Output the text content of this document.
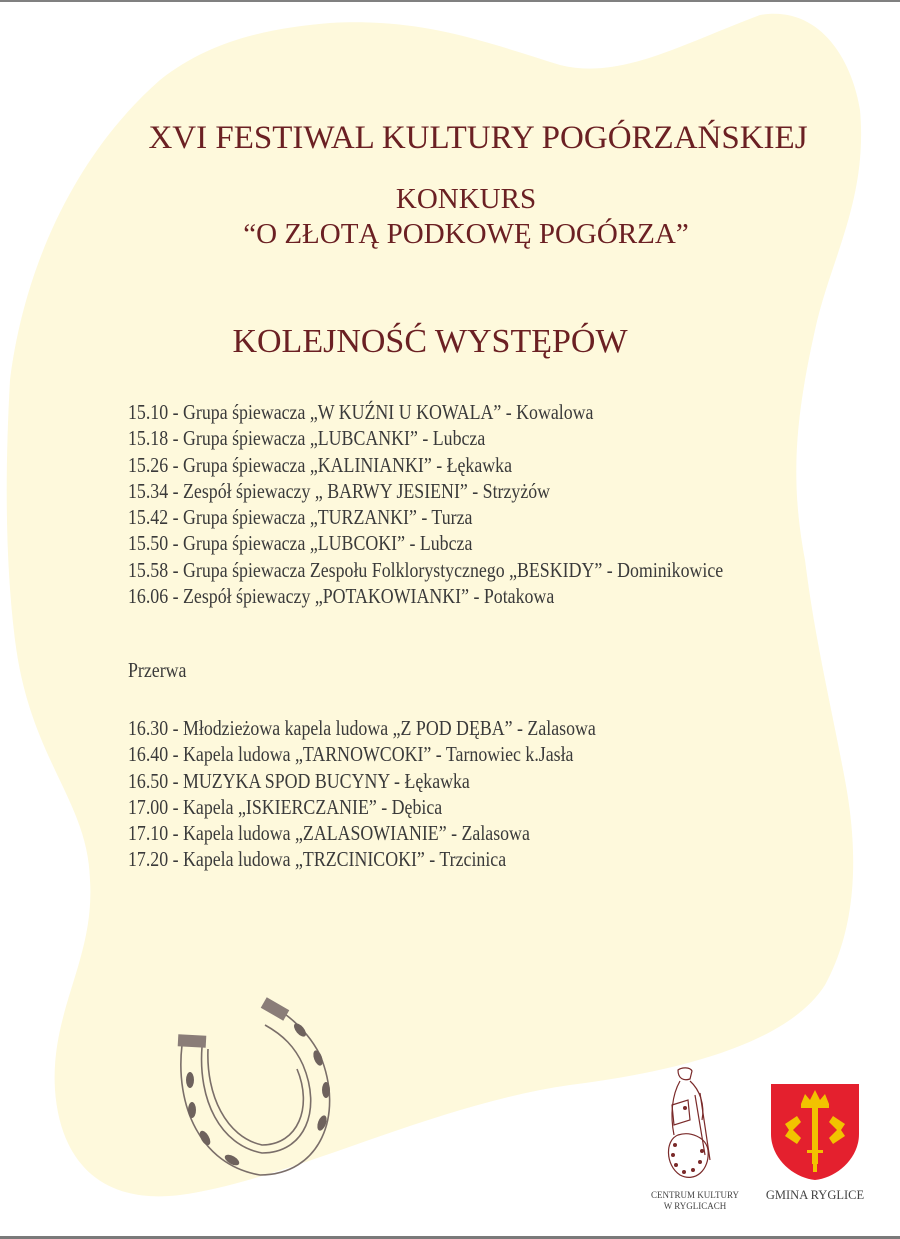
XVI FESTIWAL KULTURY POGÓRZAŃSKIEJ
KONKURS
“O ZŁOTĄ PODKOWĘ POGÓRZA”
KOLEJNOŚĆ WYSTĘPÓW
15.10 - Grupa śpiewacza „W KUŹNI U KOWALA” - Kowalowa
15.18 - Grupa śpiewacza „LUBCANKI” - Lubcza
15.26 - Grupa śpiewacza „KALINIANKI” - Łękawka
15.34 - Zespół śpiewaczy „ BARWY JESIENI” - Strzyżów
15.42 - Grupa śpiewacza „TURZANKI” - Turza
15.50 - Grupa śpiewacza „LUBCOKI” - Lubcza
15.58 - Grupa śpiewacza Zespołu Folklorystycznego „BESKIDY” - Dominikowice
16.06 - Zespół śpiewaczy „POTAKOWIANKI” - Potakowa
Przerwa
16.30 - Młodzieżowa kapela ludowa „Z POD DĘBA” - Zalasowa
16.40 - Kapela ludowa „TARNOWCOKI” - Tarnowiec k.Jasła
16.50 - MUZYKA SPOD BUCYNY - Łękawka
17.00 - Kapela „ISKIERCZANIE” - Dębica
17.10 - Kapela ludowa „ZALASOWIANIE” - Zalasowa
17.20 - Kapela ludowa „TRZCINICOKI” - Trzcinica
CENTRUM KULTURY
W RYGLICACH
GMINA RYGLICE
